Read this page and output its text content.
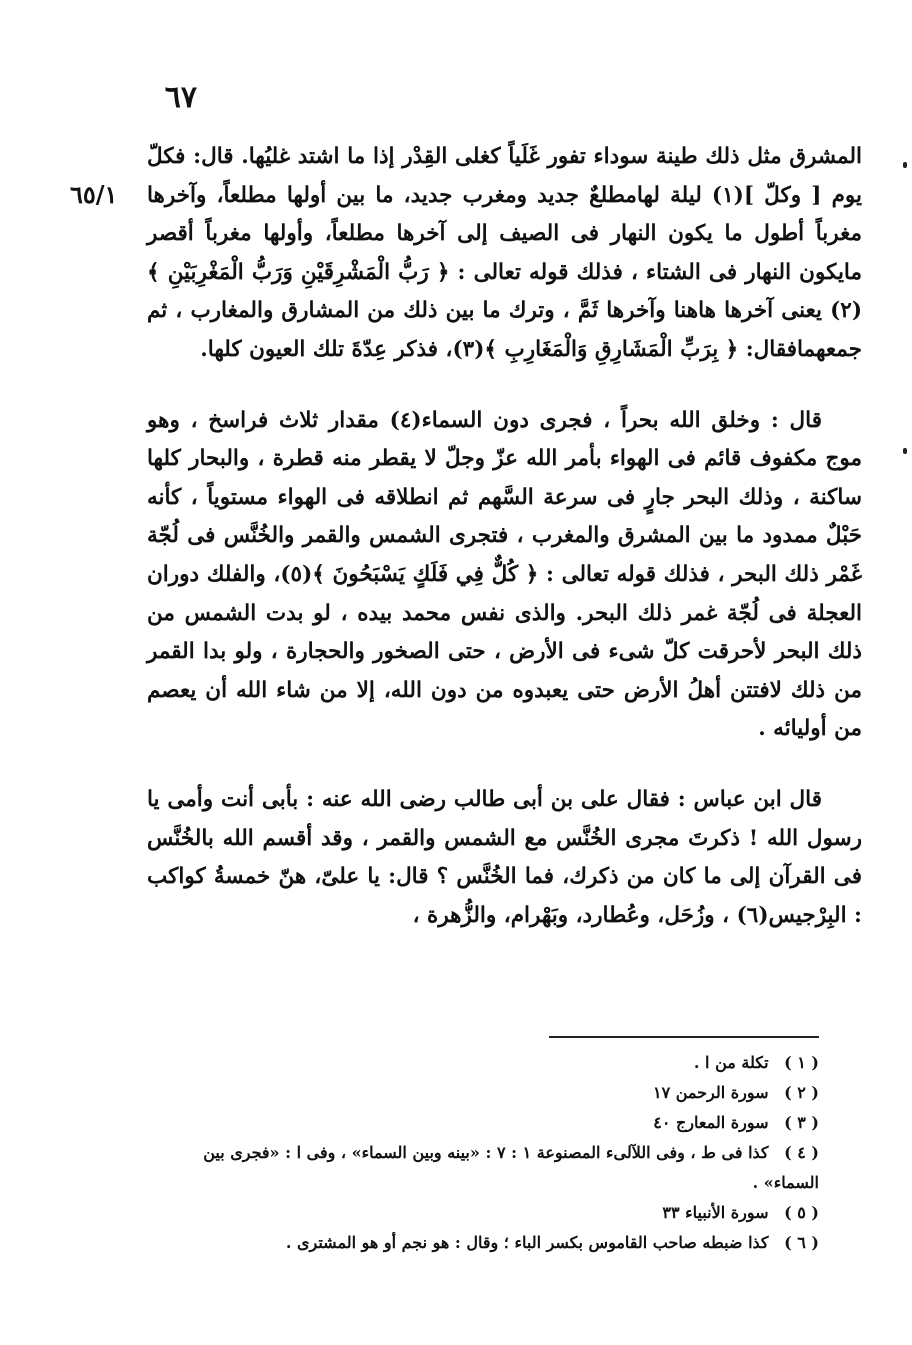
٦٧
٦٥/١

المشرق مثل ذلك طينة سوداء تفور غَلَياً كغلى القِدْر إذا ما اشتد غليُها. قال: فكلّ يوم [ وكلّ ](١) ليلة لهامطلعٌ جديد ومغرب جديد، ما بين أولها مطلعاً، وآخرها مغرباً أطول ما يكون النهار فى الصيف إلى آخرها مطلعاً، وأولها مغرباً أقصر مايكون النهار فى الشتاء ، فذلك قوله تعالى : ﴿ رَبُّ الْمَشْرِقَيْنِ وَرَبُّ الْمَغْرِبَيْنِ ﴾(٢) يعنى آخرها هاهنا وآخرها ثَمَّ ، وترك ما بين ذلك من المشارق والمغارب ، ثم جمعهمافقال: ﴿ بِرَبِّ الْمَشَارِقِ وَالْمَغَارِبِ ﴾(٣)، فذكر عِدّةَ تلك العيون كلها.

قال : وخلق الله بحراً ، فجرى دون السماء(٤) مقدار ثلاث فراسخ ، وهو موج مكفوف قائم فى الهواء بأمر الله عزّ وجلّ لا يقطر منه قطرة ، والبحار كلها ساكنة ، وذلك البحر جارٍ فى سرعة السَّهم ثم انطلاقه فى الهواء مستوياً ، كأنه حَبْلٌ ممدود ما بين المشرق والمغرب ، فتجرى الشمس والقمر والخُنَّس فى لُجّة غَمْر ذلك البحر ، فذلك قوله تعالى : ﴿ كُلٌّ فِي فَلَكٍ يَسْبَحُونَ ﴾(٥)، والفلك دوران العجلة فى لُجّة غمر ذلك البحر. والذى نفس محمد بيده ، لو بدت الشمس من ذلك البحر لأحرقت كلّ شىء فى الأرض ، حتى الصخور والحجارة ، ولو بدا القمر من ذلك لافتتن أهلُ الأرض حتى يعبدوه من دون الله، إلا من شاء الله أن يعصم من أوليائه .

قال ابن عباس : فقال على بن أبى طالب رضى الله عنه : بأبى أنت وأمى يا رسول الله ! ذكرتَ مجرى الخُنَّس مع الشمس والقمر ، وقد أقسم الله بالخُنَّس فى القرآن إلى ما كان من ذكرك، فما الخُنَّس ؟ قال: يا علىّ، هنّ خمسةُ كواكب : البِرْجيس(٦) ، وزُحَل، وعُطارد، وبَهْرام، والزُّهرة ،

( ١ ) تكلة من ا .

( ٢ ) سورة الرحمن ١٧

( ٣ ) سورة المعارج ٤٠

( ٤ ) كذا فى ط ، وفى اللآلىء المصنوعة ١ : ٧ : «بينه وبين السماء» ، وفى ا : «فجرى بين السماء» .

( ٥ ) سورة الأنبياء ٣٣

( ٦ ) كذا ضبطه صاحب القاموس بكسر الباء ؛ وقال : هو نجم أو هو المشترى .
